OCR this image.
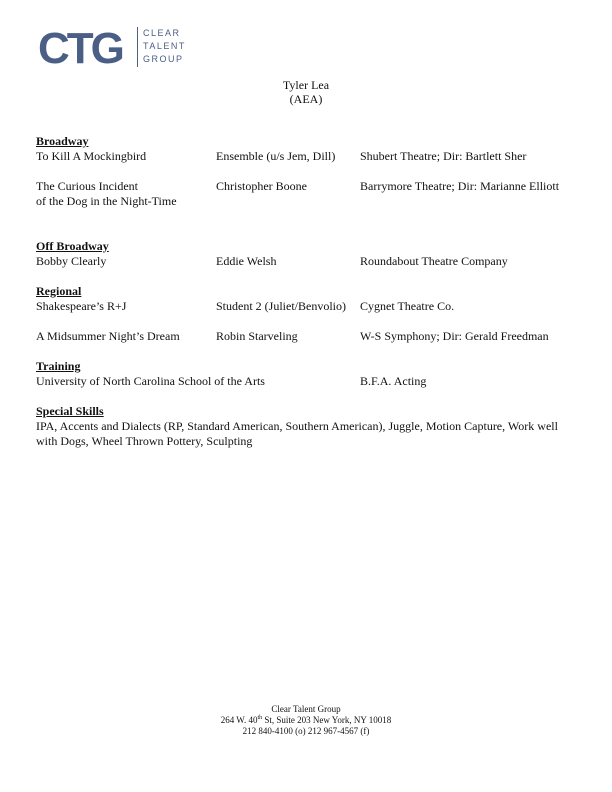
CTG CLEAR
TALENT
GROUP
Tyler Lea
(AEA)
Broadway
To Kill A Mockingbird	Ensemble (u/s Jem, Dill)	Shubert Theatre; Dir: Bartlett Sher
The Curious Incident
of the Dog in the Night-Time
Christopher Boone	Barrymore Theatre; Dir: Marianne Elliott
Off Broadway
Bobby Clearly	Eddie Welsh	Roundabout Theatre Company
Regional
Shakespeare’s R+J	Student 2 (Juliet/Benvolio)	Cygnet Theatre Co.
A Midsummer Night’s Dream	Robin Starveling	W-S Symphony; Dir: Gerald Freedman
Training
University of North Carolina School of the Arts	B.F.A. Acting
Special Skills
IPA, Accents and Dialects (RP, Standard American, Southern American), Juggle, Motion Capture, Work well with Dogs, Wheel Thrown Pottery, Sculpting
Clear Talent Group
264 W. 40th St, Suite 203 New York, NY 10018
212 840-4100 (o) 212 967-4567 (f)
